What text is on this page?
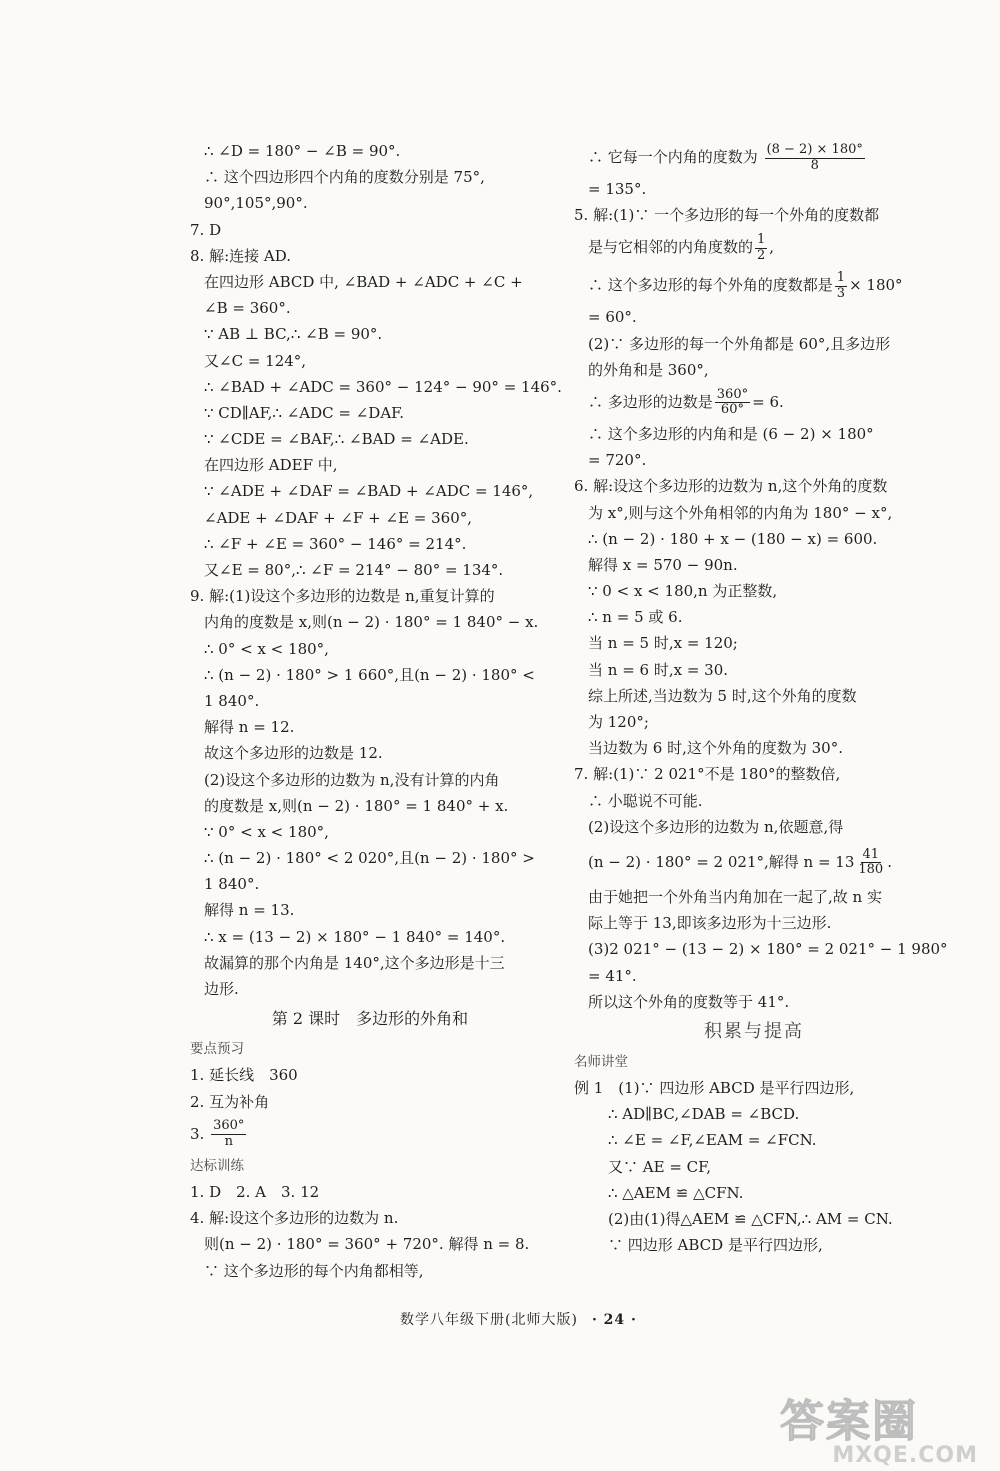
∴ ∠D = 180° − ∠B = 90°.
∴ 这个四边形四个内角的度数分别是 75°,
90°,105°,90°.
7. D
8. 解:连接 AD.
在四边形 ABCD 中, ∠BAD + ∠ADC + ∠C +
∠B = 360°.
∵ AB ⊥ BC,∴ ∠B = 90°.
又∠C = 124°,
∴ ∠BAD + ∠ADC = 360° − 124° − 90° = 146°.
∵ CD∥AF,∴ ∠ADC = ∠DAF.
∵ ∠CDE = ∠BAF,∴ ∠BAD = ∠ADE.
在四边形 ADEF 中,
∵ ∠ADE + ∠DAF = ∠BAD + ∠ADC = 146°,
∠ADE + ∠DAF + ∠F + ∠E = 360°,
∴ ∠F + ∠E = 360° − 146° = 214°.
又∠E = 80°,∴ ∠F = 214° − 80° = 134°.
9. 解:(1)设这个多边形的边数是 n,重复计算的
内角的度数是 x,则(n − 2) · 180° = 1 840° − x.
∴ 0° < x < 180°,
∴ (n − 2) · 180° > 1 660°,且(n − 2) · 180° <
1 840°.
解得 n = 12.
故这个多边形的边数是 12.
(2)设这个多边形的边数为 n,没有计算的内角
的度数是 x,则(n − 2) · 180° = 1 840° + x.
∵ 0° < x < 180°,
∴ (n − 2) · 180° < 2 020°,且(n − 2) · 180° >
1 840°.
解得 n = 13.
∴ x = (13 − 2) × 180° − 1 840° = 140°.
故漏算的那个内角是 140°,这个多边形是十三
边形.
第 2 课时　多边形的外角和
要点预习
1. 延长线　360
2. 互为补角
3. $\frac{360^\circ}{n}$
达标训练
1. D　2. A　3. 12
4. 解:设这个多边形的边数为 n.
则(n − 2) · 180° = 360° + 720°. 解得 n = 8.
∵ 这个多边形的每个内角都相等,
∴ 它每一个内角的度数为 $\frac{(8 - 2) \times 180^\circ}{8}$
= 135°.
5. 解:(1)∵ 一个多边形的每一个外角的度数都
是与它相邻的内角度数的 $\frac{1}{2}$ ,
∴ 这个多边形的每个外角的度数都是 $\frac{1}{3} \times 180^\circ$
= 60°.
(2)∵ 多边形的每一个外角都是 60°,且多边形
的外角和是 360°,
∴ 多边形的边数是 $\frac{360^\circ}{60^\circ} = 6$.
∴ 这个多边形的内角和是 (6 − 2) × 180°
= 720°.
6. 解:设这个多边形的边数为 n,这个外角的度数
为 x°,则与这个外角相邻的内角为 180° − x°,
∴ (n − 2) · 180 + x − (180 − x) = 600.
解得 x = 570 − 90n.
∵ 0 < x < 180,n 为正整数,
∴ n = 5 或 6.
当 n = 5 时,x = 120;
当 n = 6 时,x = 30.
综上所述,当边数为 5 时,这个外角的度数
为 120°;
当边数为 6 时,这个外角的度数为 30°.
7. 解:(1)∵ 2 021°不是 180°的整数倍,
∴ 小聪说不可能.
(2)设这个多边形的边数为 n,依题意,得
(n − 2) · 180° = 2 021°,解得 $n = 13 \frac{41}{180}$ .
由于她把一个外角当内角加在一起了,故 n 实
际上等于 13,即该多边形为十三边形.
(3)2 021° − (13 − 2) × 180° = 2 021° − 1 980°
= 41°.
所以这个外角的度数等于 41°.
积累与提高
名师讲堂
例 1　(1)∵ 四边形 ABCD 是平行四边形,
∴ AD∥BC,∠DAB = ∠BCD.
∴ ∠E = ∠F,∠EAM = ∠FCN.
又∵ AE = CF,
∴ △AEM ≌ △CFN.
(2)由(1)得△AEM ≌ △CFN,∴ AM = CN.
∵ 四边形 ABCD 是平行四边形,
数学八年级下册(北师大版) · 24 ·
答案圈
MXQE.COM
